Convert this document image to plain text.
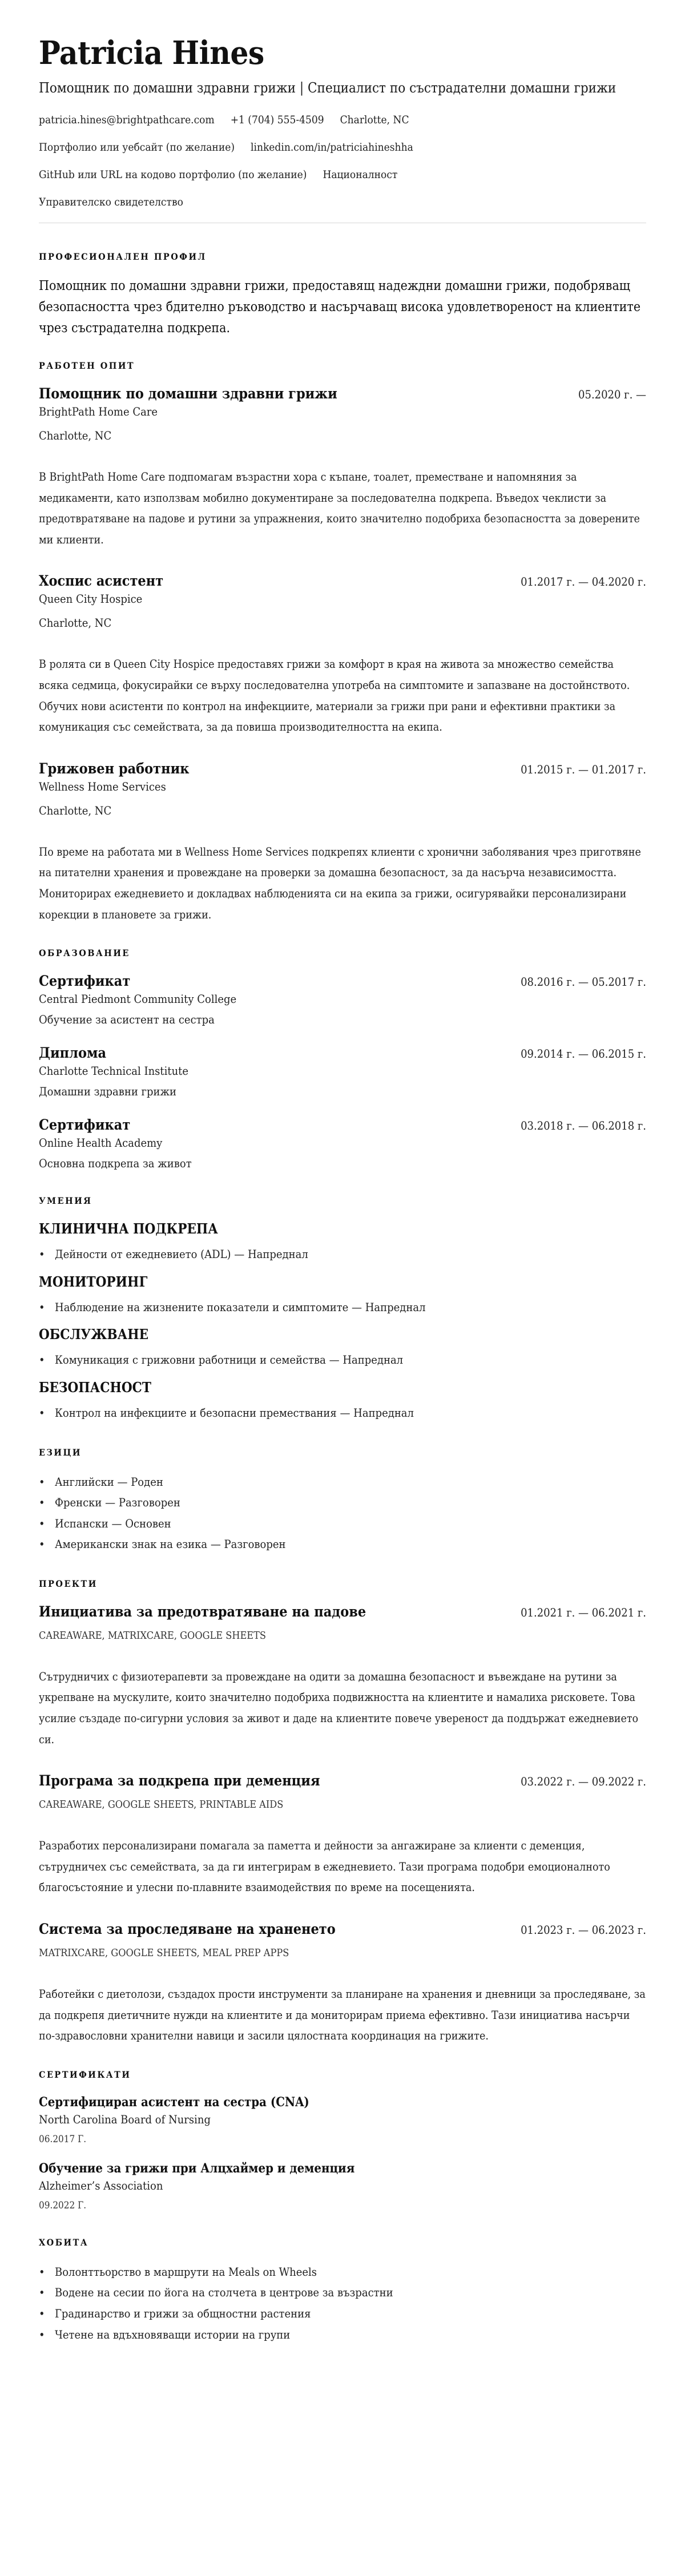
Patricia Hines
Помощник по домашни здравни грижи | Специалист по състрадателни домашни грижи
patricia.hines@brightpathcare.com +1 (704) 555-4509 Charlotte, NC
Портфолио или уебсайт (по желание) linkedin.com/in/patriciahineshha
GitHub или URL на кодово портфолио (по желание) Националност
Управителско свидетелство
ПРОФЕСИОНАЛЕН ПРОФИЛ
Помощник по домашни здравни грижи, предоставящ надеждни домашни грижи, подобряващ безопасността чрез бдително ръководство и насърчаващ висока удовлетвореност на клиентите чрез състрадателна подкрепа.
РАБОТЕН ОПИТ
Помощник по домашни здравни грижи	05.2020 г. —
BrightPath Home Care
Charlotte, NC
В BrightPath Home Care подпомагам възрастни хора с къпане, тоалет, преместване и напомняния за медикаменти, като използвам мобилно документиране за последователна подкрепа. Въведох чеклисти за предотвратяване на падове и рутини за упражнения, които значително подобриха безопасността за доверените ми клиенти.
Хоспис асистент	01.2017 г. — 04.2020 г.
Queen City Hospice
Charlotte, NC
В ролята си в Queen City Hospice предоставях грижи за комфорт в края на живота за множество семейства всяка седмица, фокусирайки се върху последователна употреба на симптомите и запазване на достойнството. Обучих нови асистенти по контрол на инфекциите, материали за грижи при рани и ефективни практики за комуникация със семействата, за да повиша производителността на екипа.
Грижовен работник	01.2015 г. — 01.2017 г.
Wellness Home Services
Charlotte, NC
По време на работата ми в Wellness Home Services подкрепях клиенти с хронични заболявания чрез приготвяне на питателни хранения и провеждане на проверки за домашна безопасност, за да насърча независимостта. Мониторирах ежедневието и докладвах наблюденията си на екипа за грижи, осигурявайки персонализирани корекции в плановете за грижи.
ОБРАЗОВАНИЕ
Сертификат	08.2016 г. — 05.2017 г.
Central Piedmont Community College
Обучение за асистент на сестра
Диплома	09.2014 г. — 06.2015 г.
Charlotte Technical Institute
Домашни здравни грижи
Сертификат	03.2018 г. — 06.2018 г.
Online Health Academy
Основна подкрепа за живот
УМЕНИЯ
КЛИНИЧНА ПОДКРЕПА
• Дейности от ежедневието (ADL) — Напреднал
МОНИТОРИНГ
• Наблюдение на жизнените показатели и симптомите — Напреднал
ОБСЛУЖВАНЕ
• Комуникация с грижовни работници и семейства — Напреднал
БЕЗОПАСНОСТ
• Контрол на инфекциите и безопасни премествания — Напреднал
ЕЗИЦИ
• Английски — Роден
• Френски — Разговорен
• Испански — Основен
• Американски знак на езика — Разговорен
ПРОЕКТИ
Инициатива за предотвратяване на падове	01.2021 г. — 06.2021 г.
CAREAWARE, MATRIXCARE, GOOGLE SHEETS
Сътрудничих с физиотерапевти за провеждане на одити за домашна безопасност и въвеждане на рутини за укрепване на мускулите, които значително подобриха подвижността на клиентите и намалиха рисковете. Това усилие създаде по-сигурни условия за живот и даде на клиентите повече увереност да поддържат ежедневието си.
Програма за подкрепа при деменция	03.2022 г. — 09.2022 г.
CAREAWARE, GOOGLE SHEETS, PRINTABLE AIDS
Разработих персонализирани помагала за паметта и дейности за ангажиране за клиенти с деменция, сътрудничех със семействата, за да ги интегрирам в ежедневието. Тази програма подобри емоционалното благосъстояние и улесни по-плавните взаимодействия по време на посещенията.
Система за проследяване на храненето	01.2023 г. — 06.2023 г.
MATRIXCARE, GOOGLE SHEETS, MEAL PREP APPS
Работейки с диетолози, създадох прости инструменти за планиране на хранения и дневници за проследяване, за да подкрепя диетичните нужди на клиентите и да мониторирам приема ефективно. Тази инициатива насърчи по-здравословни хранителни навици и засили цялостната координация на грижите.
СЕРТИФИКАТИ
Сертифициран асистент на сестра (CNA)
North Carolina Board of Nursing
06.2017 Г.
Обучение за грижи при Алцхаймер и деменция
Alzheimer’s Association
09.2022 Г.
ХОБИТА
• Волонттьорство в маршрути на Meals on Wheels
• Водене на сесии по йога на столчета в центрове за възрастни
• Градинарство и грижи за общностни растения
• Четене на вдъхновяващи истории на групи
